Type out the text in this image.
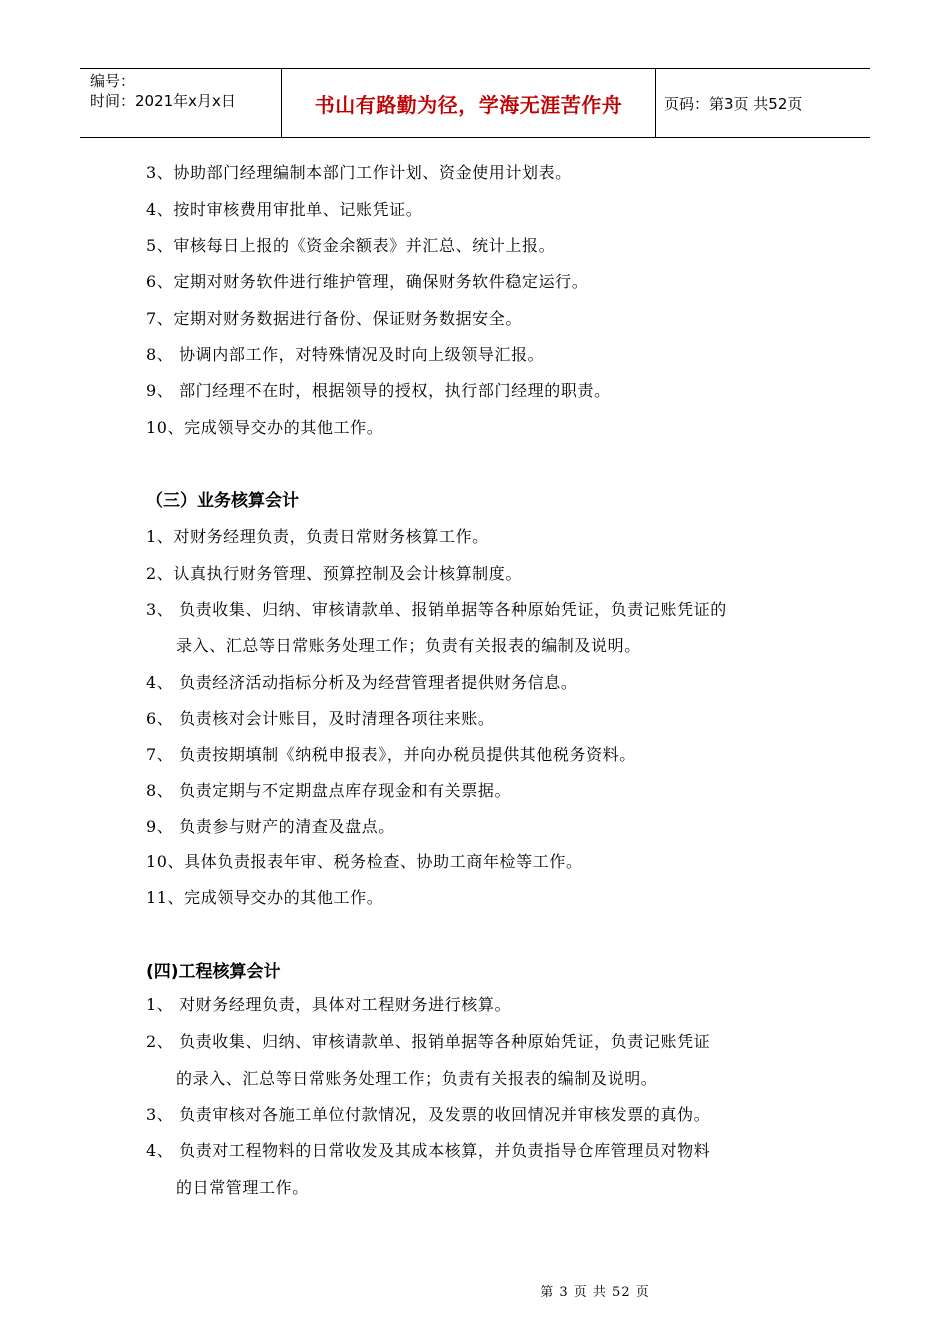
编号：
时间：2021年x月x日	书山有路勤为径，学海无涯苦作舟	页码：第3页 共52页
3、协助部门经理编制本部门工作计划、资金使用计划表。
4、按时审核费用审批单、记账凭证。
5、审核每日上报的《资金余额表》并汇总、统计上报。
6、定期对财务软件进行维护管理，确保财务软件稳定运行。
7、定期对财务数据进行备份、保证财务数据安全。
8、 协调内部工作，对特殊情况及时向上级领导汇报。
9、 部门经理不在时，根据领导的授权，执行部门经理的职责。
10、完成领导交办的其他工作。
（三）业务核算会计
1、对财务经理负责，负责日常财务核算工作。
2、认真执行财务管理、预算控制及会计核算制度。
3、 负责收集、归纳、审核请款单、报销单据等各种原始凭证，负责记账凭证的
录入、汇总等日常账务处理工作；负责有关报表的编制及说明。
4、 负责经济活动指标分析及为经营管理者提供财务信息。
6、 负责核对会计账目，及时清理各项往来账。
7、 负责按期填制《纳税申报表》，并向办税员提供其他税务资料。
8、 负责定期与不定期盘点库存现金和有关票据。
9、 负责参与财产的清查及盘点。
10、具体负责报表年审、税务检查、协助工商年检等工作。
11、完成领导交办的其他工作。
(四)工程核算会计
1、 对财务经理负责，具体对工程财务进行核算。
2、 负责收集、归纳、审核请款单、报销单据等各种原始凭证，负责记账凭证
的录入、汇总等日常账务处理工作；负责有关报表的编制及说明。
3、 负责审核对各施工单位付款情况，及发票的收回情况并审核发票的真伪。
4、 负责对工程物料的日常收发及其成本核算，并负责指导仓库管理员对物料
的日常管理工作。
第 3 页 共 52 页
